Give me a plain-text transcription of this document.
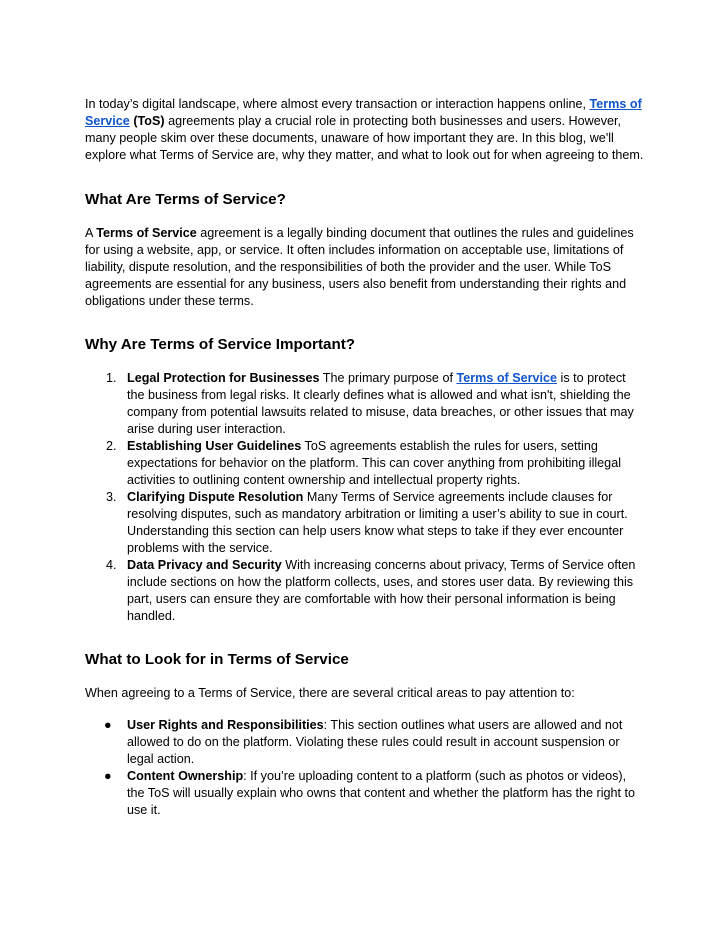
In today’s digital landscape, where almost every transaction or interaction happens online, Terms of Service (ToS) agreements play a crucial role in protecting both businesses and users. However, many people skim over these documents, unaware of how important they are. In this blog, we'll explore what Terms of Service are, why they matter, and what to look out for when agreeing to them.

What Are Terms of Service?

A Terms of Service agreement is a legally binding document that outlines the rules and guidelines for using a website, app, or service. It often includes information on acceptable use, limitations of liability, dispute resolution, and the responsibilities of both the provider and the user. While ToS agreements are essential for any business, users also benefit from understanding their rights and obligations under these terms.

Why Are Terms of Service Important?
1. Legal Protection for Businesses The primary purpose of Terms of Service is to protect the business from legal risks. It clearly defines what is allowed and what isn't, shielding the company from potential lawsuits related to misuse, data breaches, or other issues that may arise during user interaction.
2. Establishing User Guidelines ToS agreements establish the rules for users, setting expectations for behavior on the platform. This can cover anything from prohibiting illegal activities to outlining content ownership and intellectual property rights.
3. Clarifying Dispute Resolution Many Terms of Service agreements include clauses for resolving disputes, such as mandatory arbitration or limiting a user’s ability to sue in court. Understanding this section can help users know what steps to take if they ever encounter problems with the service.
4. Data Privacy and Security With increasing concerns about privacy, Terms of Service often include sections on how the platform collects, uses, and stores user data. By reviewing this part, users can ensure they are comfortable with how their personal information is being handled.
What to Look for in Terms of Service

When agreeing to a Terms of Service, there are several critical areas to pay attention to:

● User Rights and Responsibilities: This section outlines what users are allowed and not allowed to do on the platform. Violating these rules could result in account suspension or legal action.
● Content Ownership: If you’re uploading content to a platform (such as photos or videos), the ToS will usually explain who owns that content and whether the platform has the right to use it.
